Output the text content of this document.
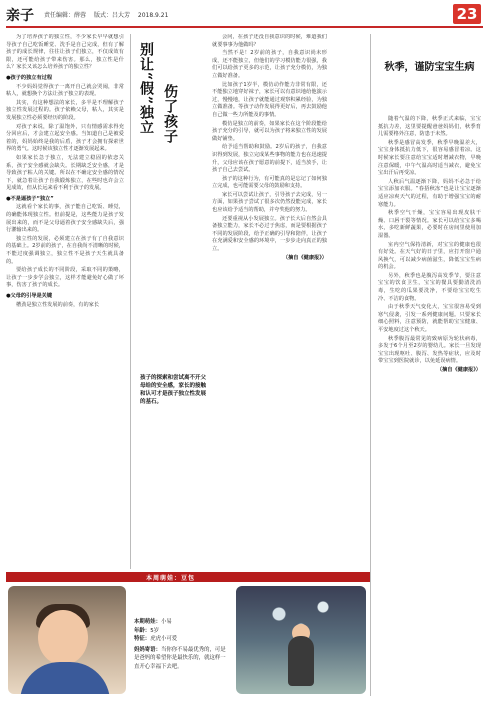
亲子 责任编辑：薛蓉 版式：吕大芳 2018.9.21	23

为了培养孩子的独立性，不少家长早早就想引导孩子自己吃饭睡觉、洗手是自己完成，但有了解孩子的成长规律，往往让孩子们独立，不仅成效有限，还可能给孩子带来伤害。那么，独立性是什么？家长又该怎么培养孩子的独立性？

●孩子的独立有过程

不少妈妈觉得孩子一离开自己就会哭闹，非常粘人，就想换个方法让孩子独立的表现。

其实，有这种想法的家长，多半是不理解孩子独立性发展过程的。孩子依赖父母，粘人，其实是发展独立性必须要经历的阶段。

对孩子来说，除了温饱外，只有情感需求得充分回应后，才会建立起安全感。当知道自己是被爱着的，妈妈始终是我的后盾，孩子才会拥有探索世界的勇气。这时候该独立性才逐渐发展起来。

如果家长急于独立，无法建立稳固的依恋关系，孩子安全感就会缺失。长期缺乏安全感，才是导致孩子粘人的关键。所以在不确定安全感的情况下，就急着让孩子自我锻炼独立，在些时也许会立见成效，但从长远来看不利于孩子的发展。

●不是逼孩子“独立”

这就看个家长的事，孩子能自己吃饭、睡觉，的确能体现独立性。但前提是，这些能力是孩子发展出来的，而不是父母逼着孩子安全感缺失后，强行灌输出来的。

独立性的发展，必须建立在孩子有了自我意识的基础上。2岁前的孩子，在自我尚不清晰的时候，不能过度强调独立，独立性不是孩子天生就具备的。

要给孩子成长的不同阶段，采取不同的策略，让孩子一步步学会独立，这样才能避免好心做了坏事，伤害了孩子的成长。

●父母的引导是关键

槽劲是独立性发展的前奏，有的家长

别让“假”独立 伤了孩子
孩子的探索和尝试离不开父母给的安全感，家长的接触和认可才是孩子独立性发展的基石。

会问，在孩子还没自我意识的时候，难道我们就要事事为他做吗？

当然不是！2岁前的孩子，自我意识尚未形成，还不能独立，但他们的学习模仿能力很强，我们可以给孩子更多的示范，让孩子充分模仿，为独立做好准备。

比如孩子1岁半，模仿动作能力非常有限，还不能独立地穿好袜子，家长可以有意识地给他演示过，慢慢地，让孩子就能通过观察积累经验，为独立做准备。等孩子动作发展得更好后，再去鼓励他自己做一些力所能及的事情。

模仿是独立的前奏，如果家长在这个阶段能给孩子充分的引导，就可以为孩子将来独立性的发展做好铺垫。

给予适当帮助和鼓励。2岁后的孩子，自我意识得到发展，独立完成某些事物的能力也在迅速提升，父母应该在孩子愿意的前提下，适当放手，让孩子自己去尝试。

孩子的这种行为，有可能真的是忘记了如何独立完成，也可能需要父母的鼓励和支持。

家长可以尝试让孩子，引导孩子去完成，另一方面，如果孩子尝试了很多次仍然没能完成，家长也应该给予适当的帮助，并夸奖他的努力。

还要重视从小发展独立。孩子长大后自然会具备独立能力，家长不必过于焦虑，而是要根据孩子不同的发展阶段，给予正确的引导和陪伴，让孩子在充满爱和安全感的环境中，一步步走向真正的独立。

（摘自《健康报》）

秋季，谨防宝宝生病

随着气温的下降，秋季正式来临，宝宝抵抗力差，这里要提醒爸爸妈妈们，秋季育儿需要格外注意，防患于未然。

秋季是感冒高发季，秋季早晚温差大，宝宝身体抵抗力低下，很容易感冒着凉。这时候家长要注意给宝宝适时增减衣物，早晚注意保暖，中午气温高时适当减衣，避免宝宝出汗后再受凉。

人秋后气温逐渐下降，妈妈不必急于给宝宝添加衣服。“春捂秋冻”也是让宝宝逐渐适应凉爽天气的过程，有助于增强宝宝的耐寒能力。

秋季空气干燥，宝宝容易出现皮肤干燥、口唇干裂等情况。家长可以给宝宝多喝水，多吃新鲜蔬果，必要时在房间里使用加湿器。

室内空气保持清新，对宝宝的健康也很有好处。在天气好的日子里，应打开窗户通风换气，可以减少病菌滋生，降低宝宝生病的机会。

另外，秋季也是腹泻高发季节，要注意宝宝的饮食卫生，宝宝的餐具要勤清洗消毒，生吃的瓜果要洗净，不要给宝宝吃生冷、不洁的食物。

由于秋季天气变化大，宝宝很容易受到寒气侵袭，引发一系列健康问题。只要家长细心照料，注意预防，就能帮助宝宝健康、平安地度过这个秋天。

秋季腹泻最常见的致病原为轮状病毒，多发于6个月至2岁的婴幼儿。家长一旦发现宝宝出现呕吐、腹泻、发热等症状，应及时带宝宝到医院就诊，以免延误病情。

（摘自《健康报》）

本周萌娃：豆包
本期萌娃：小易
年龄：5岁
特征：虎虎小可爱
妈妈寄语：当你你不易最优秀的，可是是爸妈的希望你是最快乐的，就这样一直开心幸福下去吧。
